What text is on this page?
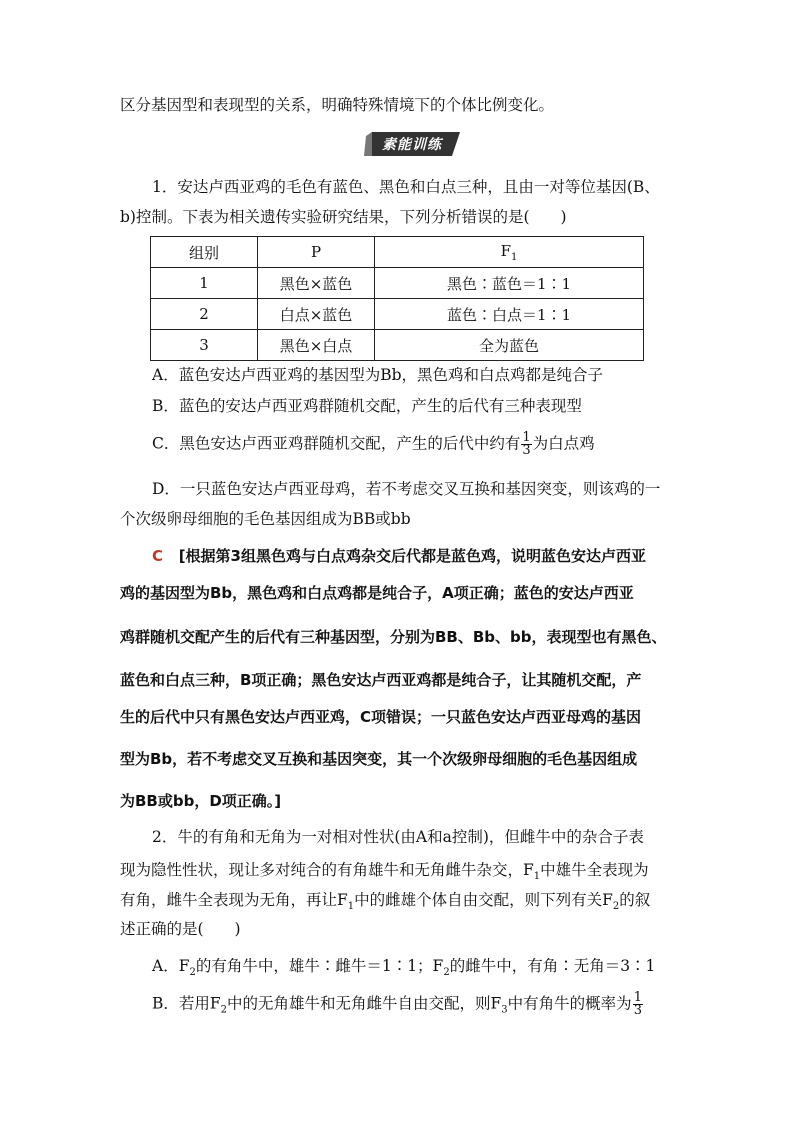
区分基因型和表现型的关系，明确特殊情境下的个体比例变化。
素能训练
1．安达卢西亚鸡的毛色有蓝色、黑色和白点三种，且由一对等位基因(B、
b)控制。下表为相关遗传实验研究结果，下列分析错误的是(　　)
组别	P	$F_1$
1	黑色×蓝色	黑色∶蓝色＝1∶1
2	白点×蓝色	蓝色∶白点＝1∶1
3	黑色×白点	全为蓝色
A．蓝色安达卢西亚鸡的基因型为Bb，黑色鸡和白点鸡都是纯合子
B．蓝色的安达卢西亚鸡群随机交配，产生的后代有三种表现型
C．黑色安达卢西亚鸡群随机交配，产生的后代中约有 $\frac{1}{3}$ 为白点鸡
D．一只蓝色安达卢西亚母鸡，若不考虑交叉互换和基因突变，则该鸡的一
个次级卵母细胞的毛色基因组成为BB或bb
C [根据第3组黑色鸡与白点鸡杂交后代都是蓝色鸡，说明蓝色安达卢西亚
鸡的基因型为Bb，黑色鸡和白点鸡都是纯合子，A项正确；蓝色的安达卢西亚
鸡群随机交配产生的后代有三种基因型，分别为BB、Bb、bb，表现型也有黑色、
蓝色和白点三种，B项正确；黑色安达卢西亚鸡都是纯合子，让其随机交配，产
生的后代中只有黑色安达卢西亚鸡，C项错误；一只蓝色安达卢西亚母鸡的基因
型为Bb，若不考虑交叉互换和基因突变，其一个次级卵母细胞的毛色基因组成
为BB或bb，D项正确。]
2．牛的有角和无角为一对相对性状(由A和a控制)，但雌牛中的杂合子表
现为隐性性状，现让多对纯合的有角雄牛和无角雌牛杂交，$F_1$中雄牛全表现为
有角，雌牛全表现为无角，再让$F_1$中的雌雄个体自由交配，则下列有关$F_2$的叙
述正确的是(　　)
A．$F_2$的有角牛中，雄牛∶雌牛＝1∶1；$F_2$的雌牛中，有角∶无角＝3∶1
B．若用$F_2$中的无角雄牛和无角雌牛自由交配，则$F_3$中有角牛的概率为 $\frac{1}{3}$
